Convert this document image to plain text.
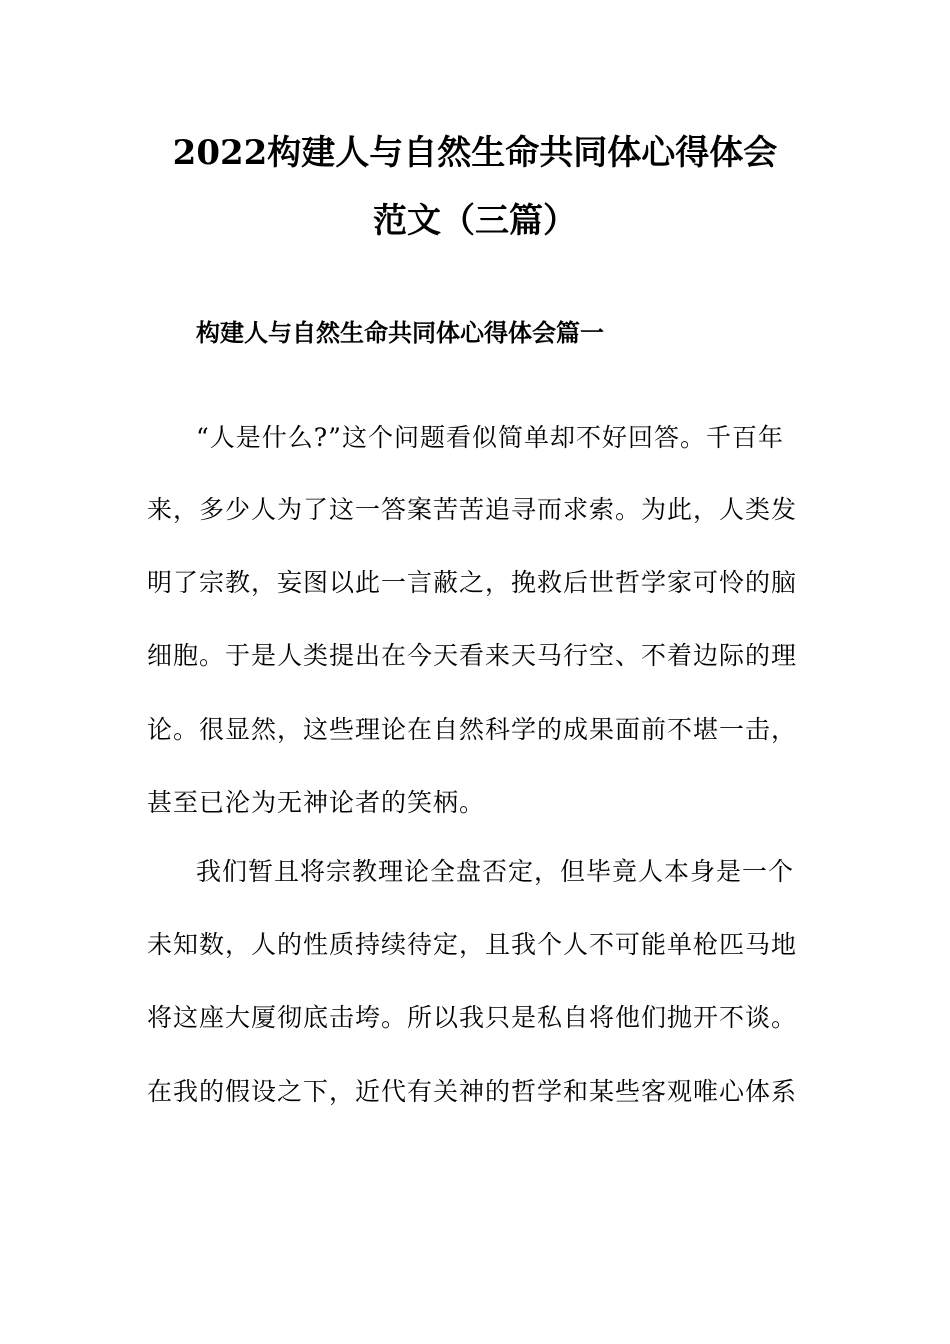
2022构建人与自然生命共同体心得体会
范文（三篇）
构建人与自然生命共同体心得体会篇一
“人是什么?”这个问题看似简单却不好回答。千百年
来，多少人为了这一答案苦苦追寻而求索。为此，人类发
明了宗教，妄图以此一言蔽之，挽救后世哲学家可怜的脑
细胞。于是人类提出在今天看来天马行空、不着边际的理
论。很显然，这些理论在自然科学的成果面前不堪一击，
甚至已沦为无神论者的笑柄。
我们暂且将宗教理论全盘否定，但毕竟人本身是一个
未知数，人的性质持续待定，且我个人不可能单枪匹马地
将这座大厦彻底击垮。所以我只是私自将他们抛开不谈。
在我的假设之下，近代有关神的哲学和某些客观唯心体系
